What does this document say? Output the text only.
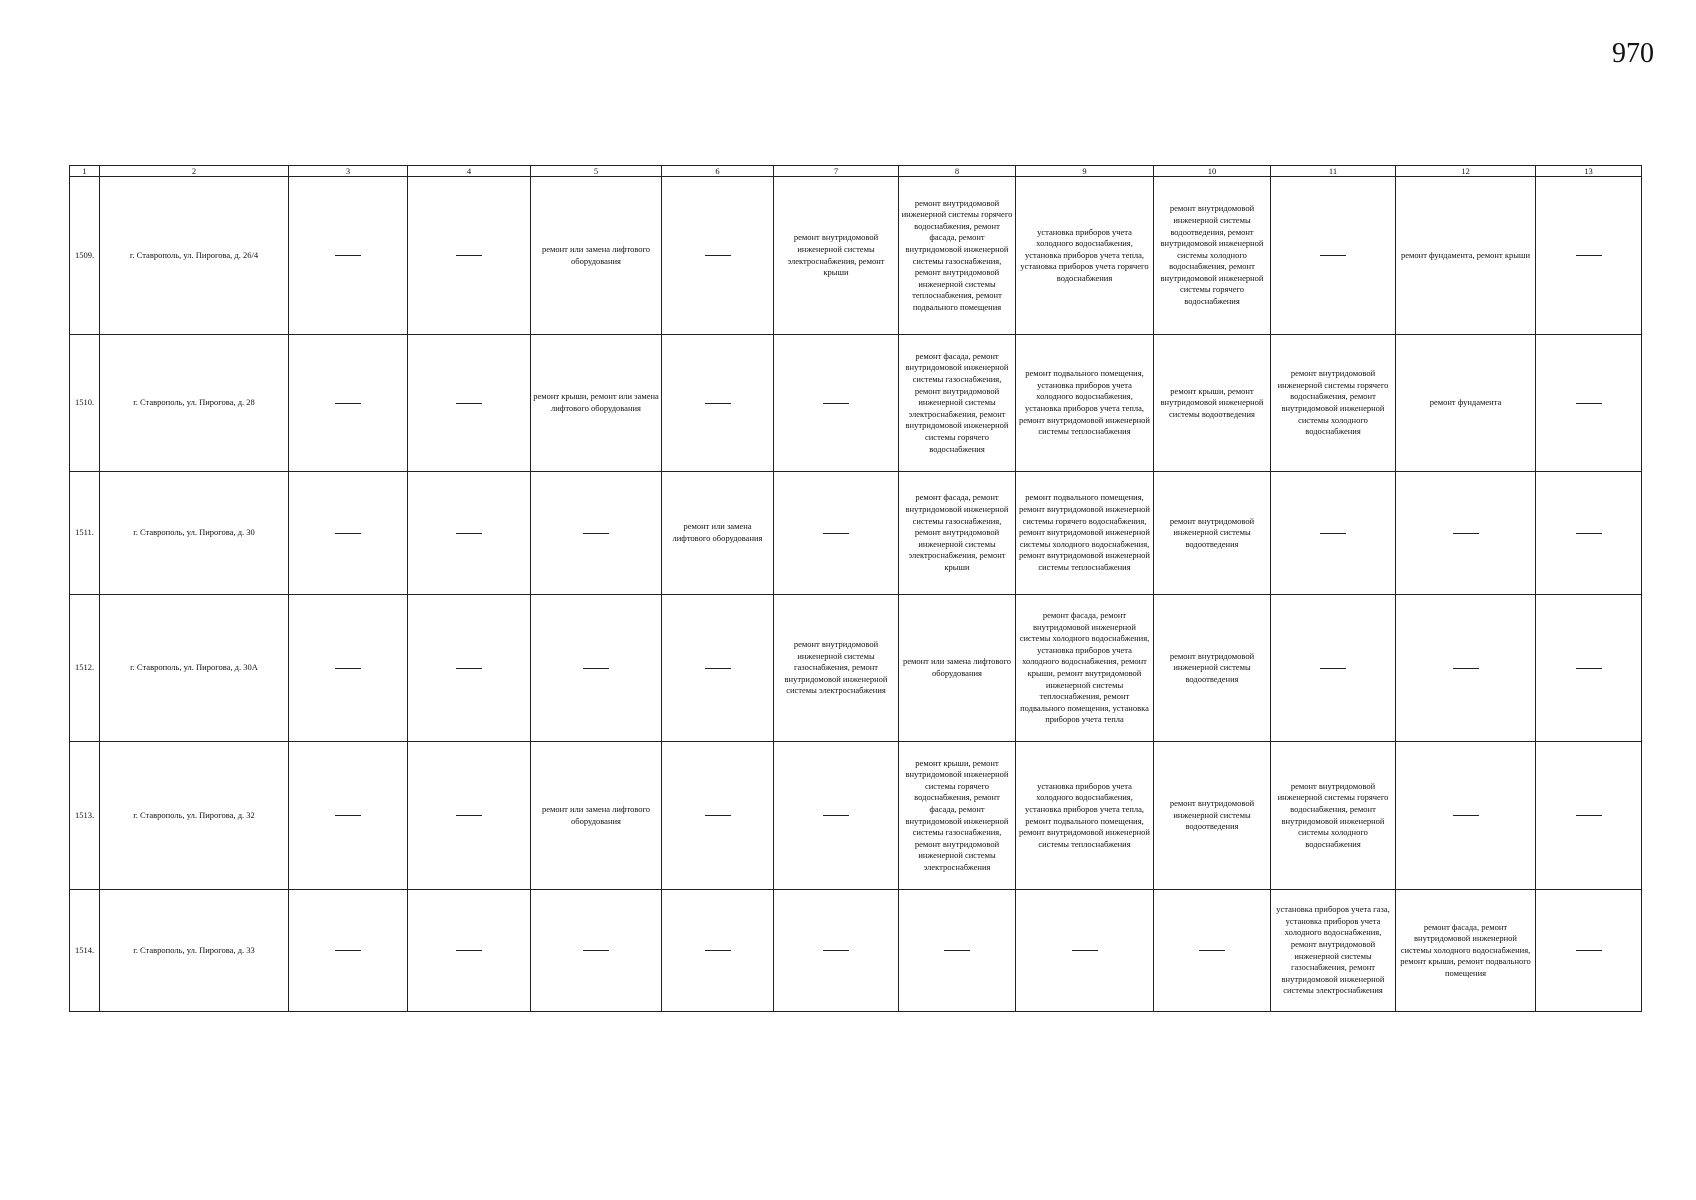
970
1	2	3	4	5	6	7	8	9	10	11	12	13
1509.	г. Ставрополь, ул. Пирогова, д. 26/4			ремонт или замена лифтового оборудования		ремонт внутридомовой инженерной системы электроснабжения, ремонт крыши	ремонт внутридомовой инженерной системы горячего водоснабжения, ремонт фасада, ремонт внутридомовой инженерной системы газоснабжения, ремонт внутридомовой инженерной системы теплоснабжения, ремонт подвального помещения	установка приборов учета холодного водоснабжения, установка приборов учета тепла, установка приборов учета горячего водоснабжения	ремонт внутридомовой инженерной системы водоотведения, ремонт внутридомовой инженерной системы холодного водоснабжения, ремонт внутридомовой инженерной системы горячего водоснабжения		ремонт фундамента, ремонт крыши	
1510.	г. Ставрополь, ул. Пирогова, д. 28			ремонт крыши, ремонт или замена лифтового оборудования			ремонт фасада, ремонт внутридомовой инженерной системы газоснабжения, ремонт внутридомовой инженерной системы электроснабжения, ремонт внутридомовой инженерной системы горячего водоснабжения	ремонт подвального помещения, установка приборов учета холодного водоснабжения, установка приборов учета тепла, ремонт внутридомовой инженерной системы теплоснабжения	ремонт крыши, ремонт внутридомовой инженерной системы водоотведения	ремонт внутридомовой инженерной системы горячего водоснабжения, ремонт внутридомовой инженерной системы холодного водоснабжения	ремонт фундамента	
1511.	г. Ставрополь, ул. Пирогова, д. 30				ремонт или замена лифтового оборудования		ремонт фасада, ремонт внутридомовой инженерной системы газоснабжения, ремонт внутридомовой инженерной системы электроснабжения, ремонт крыши	ремонт подвального помещения, ремонт внутридомовой инженерной системы горячего водоснабжения, ремонт внутридомовой инженерной системы холодного водоснабжения, ремонт внутридомовой инженерной системы теплоснабжения	ремонт внутридомовой инженерной системы водоотведения			
1512.	г. Ставрополь, ул. Пирогова, д. 30А					ремонт внутридомовой инженерной системы газоснабжения, ремонт внутридомовой инженерной системы электроснабжения	ремонт или замена лифтового оборудования	ремонт фасада, ремонт внутридомовой инженерной системы холодного водоснабжения, установка приборов учета холодного водоснабжения, ремонт крыши, ремонт внутридомовой инженерной системы теплоснабжения, ремонт подвального помещения, установка приборов учета тепла	ремонт внутридомовой инженерной системы водоотведения			
1513.	г. Ставрополь, ул. Пирогова, д. 32			ремонт или замена лифтового оборудования			ремонт крыши, ремонт внутридомовой инженерной системы горячего водоснабжения, ремонт фасада, ремонт внутридомовой инженерной системы газоснабжения, ремонт внутридомовой инженерной системы электроснабжения	установка приборов учета холодного водоснабжения, установка приборов учета тепла, ремонт подвального помещения, ремонт внутридомовой инженерной системы теплоснабжения	ремонт внутридомовой инженерной системы водоотведения	ремонт внутридомовой инженерной системы горячего водоснабжения, ремонт внутридомовой инженерной системы холодного водоснабжения		
1514.	г. Ставрополь, ул. Пирогова, д. 33									установка приборов учета газа, установка приборов учета холодного водоснабжения, ремонт внутридомовой инженерной системы газоснабжения, ремонт внутридомовой инженерной системы электроснабжения	ремонт фасада, ремонт внутридомовой инженерной системы холодного водоснабжения, ремонт крыши, ремонт подвального помещения	
